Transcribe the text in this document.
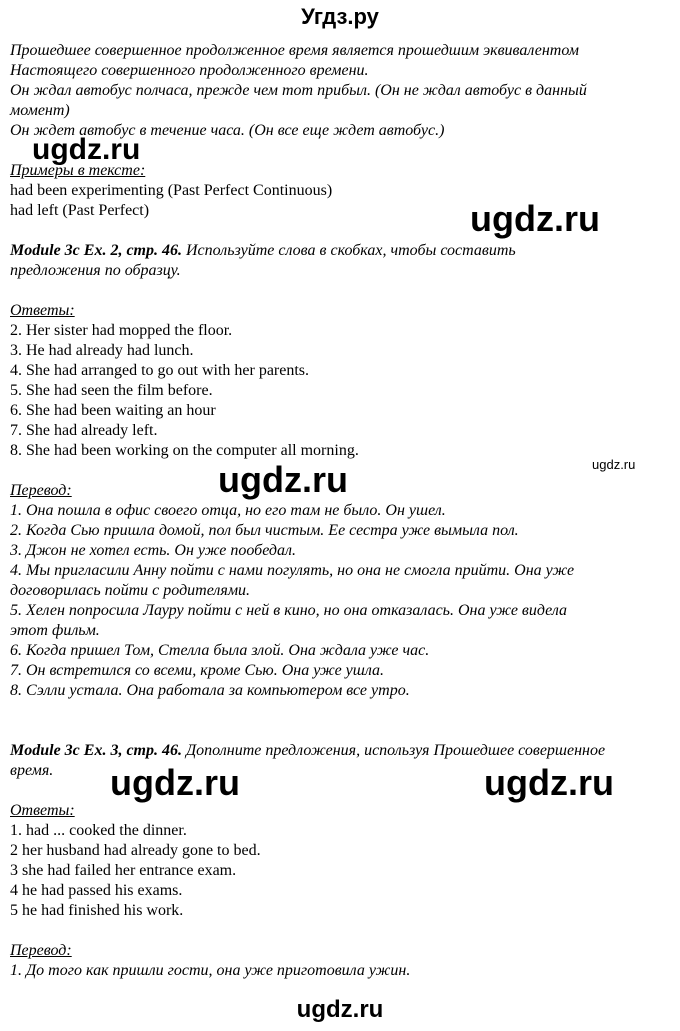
Угдз.ру

Прошедшее совершенное продолженное время является прошедшим эквивалентом

Настоящего совершенного продолженного времени.

Он ждал автобус полчаса, прежде чем тот прибыл. (Он не ждал автобус в данный

момент)

Он ждет автобус в течение часа. (Он все еще ждет автобус.)

Примеры в тексте:

had been experimenting (Past Perfect Continuous)

had left (Past Perfect)

Module 3c Ex. 2, стр. 46. Используйте слова в скобках, чтобы составить

предложения по образцу.

Ответы:

2. Her sister had mopped the floor.

3. He had already had lunch.

4. She had arranged to go out with her parents.

5. She had seen the film before.

6. She had been waiting an hour

7. She had already left.

8. She had been working on the computer all morning.

Перевод:

1. Она пошла в офис своего отца, но его там не было. Он ушел.

2. Когда Сью пришла домой, пол был чистым. Ее сестра уже вымыла пол.

3. Джон не хотел есть. Он уже пообедал.

4. Мы пригласили Анну пойти с нами погулять, но она не смогла прийти. Она уже

договорилась пойти с родителями.

5. Хелен попросила Лауру пойти с ней в кино, но она отказалась. Она уже видела

этот фильм.

6. Когда пришел Том, Стелла была злой. Она ждала уже час.

7. Он встретился со всеми, кроме Сью. Она уже ушла.

8. Сэлли устала. Она работала за компьютером все утро.

Module 3c Ex. 3, стр. 46. Дополните предложения, используя Прошедшее совершенное

время.

Ответы:

1. had ... cooked the dinner.

2 her husband had already gone to bed.

3 she had failed her entrance exam.

4 he had passed his exams.

5 he had finished his work.

Перевод:

1. До того как пришли гости, она уже приготовила ужин.

ugdz.ru
ugdz.ru
ugdz.ru
ugdz.ru
ugdz.ru	ugdz.ru
ugdz.ru
